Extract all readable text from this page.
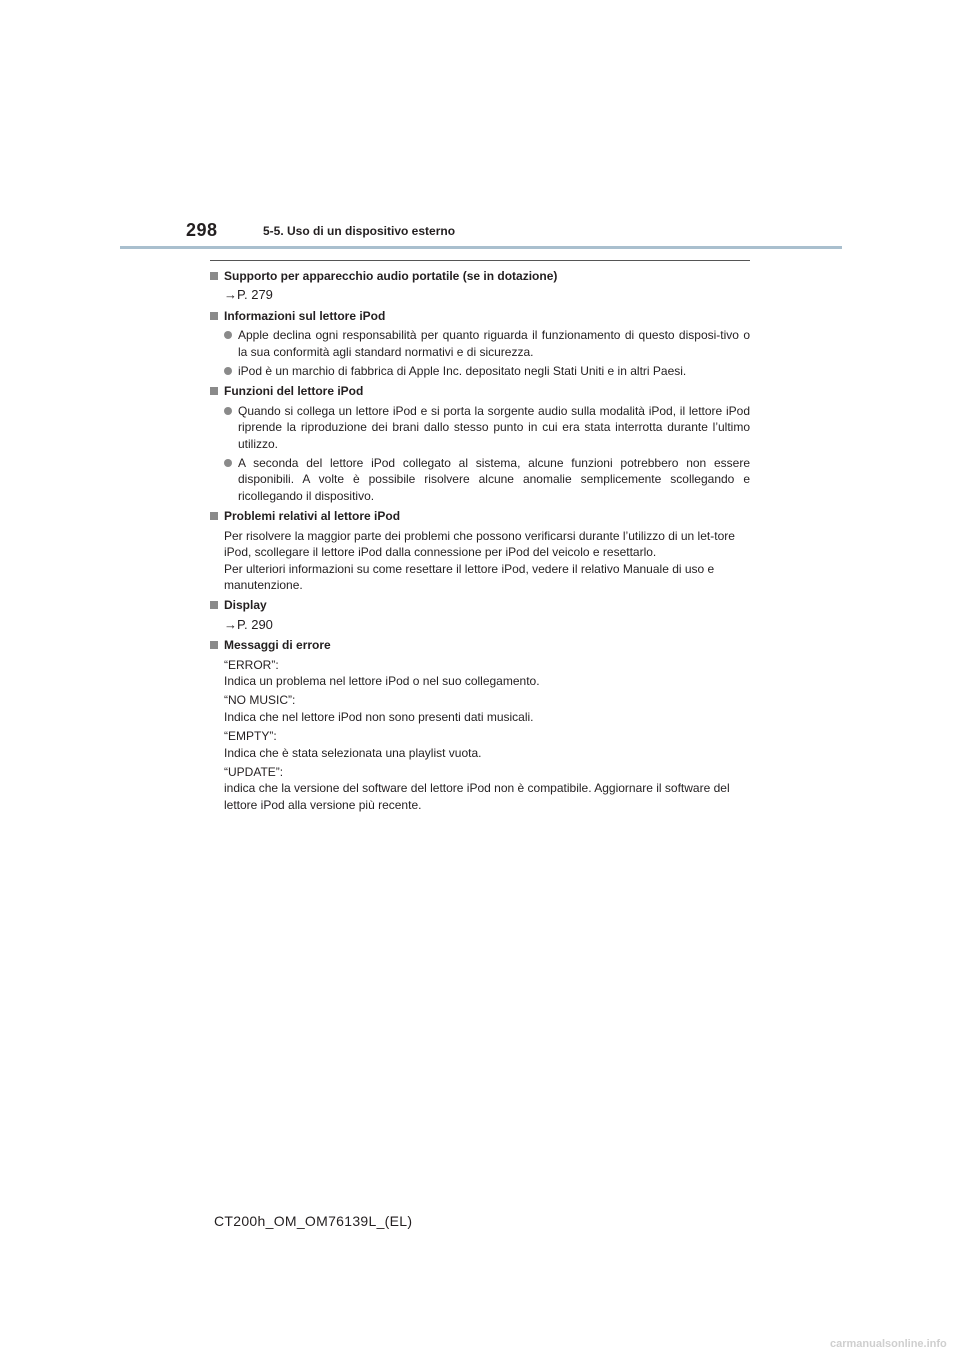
298	5-5. Uso di un dispositivo esterno
Supporto per apparecchio audio portatile (se in dotazione)
→P. 279
Informazioni sul lettore iPod
Apple declina ogni responsabilità per quanto riguarda il funzionamento di questo disposi-tivo o la sua conformità agli standard normativi e di sicurezza.
iPod è un marchio di fabbrica di Apple Inc. depositato negli Stati Uniti e in altri Paesi.
Funzioni del lettore iPod
Quando si collega un lettore iPod e si porta la sorgente audio sulla modalità iPod, il lettore iPod riprende la riproduzione dei brani dallo stesso punto in cui era stata interrotta durante l’ultimo utilizzo.
A seconda del lettore iPod collegato al sistema, alcune funzioni potrebbero non essere disponibili. A volte è possibile risolvere alcune anomalie semplicemente scollegando e ricollegando il dispositivo.
Problemi relativi al lettore iPod
Per risolvere la maggior parte dei problemi che possono verificarsi durante l’utilizzo di un let-tore iPod, scollegare il lettore iPod dalla connessione per iPod del veicolo e resettarlo.
Per ulteriori informazioni su come resettare il lettore iPod, vedere il relativo Manuale di uso e manutenzione.
Display
→P. 290
Messaggi di errore
“ERROR”:
Indica un problema nel lettore iPod o nel suo collegamento.
“NO MUSIC”:
Indica che nel lettore iPod non sono presenti dati musicali.
“EMPTY”:
Indica che è stata selezionata una playlist vuota.
“UPDATE”:
indica che la versione del software del lettore iPod non è compatibile. Aggiornare il software del lettore iPod alla versione più recente.
CT200h_OM_OM76139L_(EL)
carmanualsonline.info
